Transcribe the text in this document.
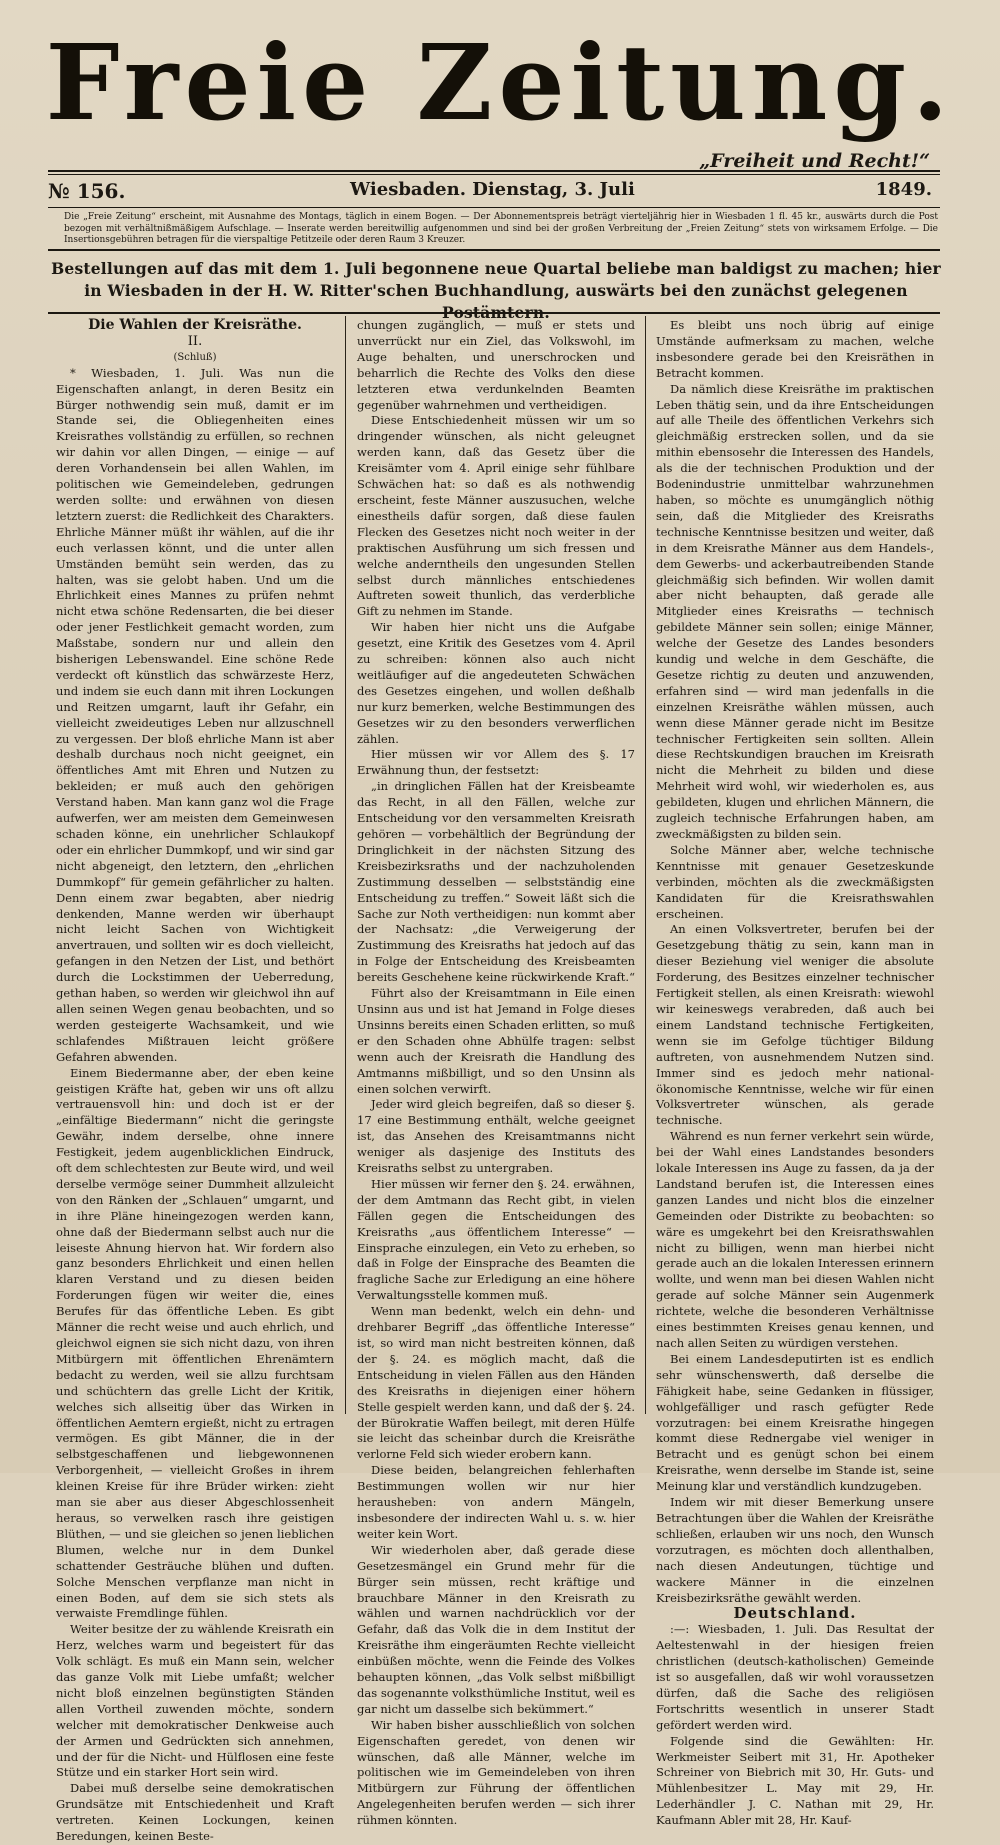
Freie Zeitung.
„Freiheit und Recht!“
№ 156.	Wiesbaden. Dienstag, 3. Juli	1849.
Die „Freie Zeitung“ erscheint, mit Ausnahme des Montags, täglich in einem Bogen. — Der Abonnementspreis beträgt vierteljährig hier in Wiesbaden 1 fl. 45 kr., auswärts durch die Post bezogen mit verhältnißmäßigem Aufschlage. — Inserate werden bereitwillig aufgenommen und sind bei der großen Verbreitung der „Freien Zeitung“ stets von wirksamem Erfolge. — Die Insertionsgebühren betragen für die vierspaltige Petitzeile oder deren Raum 3 Kreuzer.
Bestellungen auf das mit dem 1. Juli begonnene neue Quartal beliebe man baldigst zu machen; hier in Wiesbaden in der H. W. Ritter'schen Buchhandlung, auswärts bei den zunächst gelegenen Postämtern.

Die Wahlen der Kreisräthe.

II.

(Schluß)

* Wiesbaden, 1. Juli. Was nun die Eigenschaften anlangt, in deren Besitz ein Bürger nothwendig sein muß, damit er im Stande sei, die Obliegenheiten eines Kreisrathes vollständig zu erfüllen, so rechnen wir dahin vor allen Dingen, — einige — auf deren Vorhandensein bei allen Wahlen, im politischen wie Gemeindeleben, gedrungen werden sollte: und erwähnen von diesen letztern zuerst: die Redlichkeit des Charakters. Ehrliche Männer müßt ihr wählen, auf die ihr euch verlassen könnt, und die unter allen Umständen bemüht sein werden, das zu halten, was sie gelobt haben. Und um die Ehrlichkeit eines Mannes zu prüfen nehmt nicht etwa schöne Redensarten, die bei dieser oder jener Festlichkeit gemacht worden, zum Maßstabe, sondern nur und allein den bisherigen Lebenswandel. Eine schöne Rede verdeckt oft künstlich das schwärzeste Herz, und indem sie euch dann mit ihren Lockungen und Reitzen umgarnt, lauft ihr Gefahr, ein vielleicht zweideutiges Leben nur allzuschnell zu vergessen. Der bloß ehrliche Mann ist aber deshalb durchaus noch nicht geeignet, ein öffentliches Amt mit Ehren und Nutzen zu bekleiden; er muß auch den gehörigen Verstand haben. Man kann ganz wol die Frage aufwerfen, wer am meisten dem Gemeinwesen schaden könne, ein unehrlicher Schlaukopf oder ein ehrlicher Dummkopf, und wir sind gar nicht abgeneigt, den letztern, den „ehrlichen Dummkopf“ für gemein gefährlicher zu halten. Denn einem zwar begabten, aber niedrig denkenden, Manne werden wir überhaupt nicht leicht Sachen von Wichtigkeit anvertrauen, und sollten wir es doch vielleicht, gefangen in den Netzen der List, und bethört durch die Lockstimmen der Ueberredung, gethan haben, so werden wir gleichwol ihn auf allen seinen Wegen genau beobachten, und so werden gesteigerte Wachsamkeit, und wie schlafendes Mißtrauen leicht größere Gefahren abwenden.

Einem Biedermanne aber, der eben keine geistigen Kräfte hat, geben wir uns oft allzu vertrauensvoll hin: und doch ist er der „einfältige Biedermann“ nicht die geringste Gewähr, indem derselbe, ohne innere Festigkeit, jedem augenblicklichen Eindruck, oft dem schlechtesten zur Beute wird, und weil derselbe vermöge seiner Dummheit allzuleicht von den Ränken der „Schlauen“ umgarnt, und in ihre Pläne hineingezogen werden kann, ohne daß der Biedermann selbst auch nur die leiseste Ahnung hiervon hat. Wir fordern also ganz besonders Ehrlichkeit und einen hellen klaren Verstand und zu diesen beiden Forderungen fügen wir weiter die, eines Berufes für das öffentliche Leben. Es gibt Männer die recht weise und auch ehrlich, und gleichwol eignen sie sich nicht dazu, von ihren Mitbürgern mit öffentlichen Ehrenämtern bedacht zu werden, weil sie allzu furchtsam und schüchtern das grelle Licht der Kritik, welches sich allseitig über das Wirken in öffentlichen Aemtern ergießt, nicht zu ertragen vermögen. Es gibt Männer, die in der selbstgeschaffenen und liebgewonnenen Verborgenheit, — vielleicht Großes in ihrem kleinen Kreise für ihre Brüder wirken: zieht man sie aber aus dieser Abgeschlossenheit heraus, so verwelken rasch ihre geistigen Blüthen, — und sie gleichen so jenen lieblichen Blumen, welche nur in dem Dunkel schattender Gesträuche blühen und duften. Solche Menschen verpflanze man nicht in einen Boden, auf dem sie sich stets als verwaiste Fremdlinge fühlen.

Weiter besitze der zu wählende Kreisrath ein Herz, welches warm und begeistert für das Volk schlägt. Es muß ein Mann sein, welcher das ganze Volk mit Liebe umfaßt; welcher nicht bloß einzelnen begünstigten Ständen allen Vortheil zuwenden möchte, sondern welcher mit demokratischer Denkweise auch der Armen und Gedrückten sich annehmen, und der für die Nicht- und Hülflosen eine feste Stütze und ein starker Hort sein wird.

Dabei muß derselbe seine demokratischen Grundsätze mit Entschiedenheit und Kraft vertreten. Keinen Lockungen, keinen Beredungen, keinen Beste-

chungen zugänglich, — muß er stets und unverrückt nur ein Ziel, das Volkswohl, im Auge behalten, und unerschrocken und beharrlich die Rechte des Volks den diese letzteren etwa verdunkelnden Beamten gegenüber wahrnehmen und vertheidigen.

Diese Entschiedenheit müssen wir um so dringender wünschen, als nicht geleugnet werden kann, daß das Gesetz über die Kreisämter vom 4. April einige sehr fühlbare Schwächen hat: so daß es als nothwendig erscheint, feste Männer auszusuchen, welche einestheils dafür sorgen, daß diese faulen Flecken des Gesetzes nicht noch weiter in der praktischen Ausführung um sich fressen und welche anderntheils den ungesunden Stellen selbst durch männliches entschiedenes Auftreten soweit thunlich, das verderbliche Gift zu nehmen im Stande.

Wir haben hier nicht uns die Aufgabe gesetzt, eine Kritik des Gesetzes vom 4. April zu schreiben: können also auch nicht weitläufiger auf die angedeuteten Schwächen des Gesetzes eingehen, und wollen deßhalb nur kurz bemerken, welche Bestimmungen des Gesetzes wir zu den besonders verwerflichen zählen.

Hier müssen wir vor Allem des §. 17 Erwähnung thun, der festsetzt:

„in dringlichen Fällen hat der Kreisbeamte das Recht, in all den Fällen, welche zur Entscheidung vor den versammelten Kreisrath gehören — vorbehältlich der Begründung der Dringlichkeit in der nächsten Sitzung des Kreisbezirksraths und der nachzuholenden Zustimmung desselben — selbstständig eine Entscheidung zu treffen.“ Soweit läßt sich die Sache zur Noth vertheidigen: nun kommt aber der Nachsatz: „die Verweigerung der Zustimmung des Kreisraths hat jedoch auf das in Folge der Entscheidung des Kreisbeamten bereits Geschehene keine rückwirkende Kraft.“

Führt also der Kreisamtmann in Eile einen Unsinn aus und ist hat Jemand in Folge dieses Unsinns bereits einen Schaden erlitten, so muß er den Schaden ohne Abhülfe tragen: selbst wenn auch der Kreisrath die Handlung des Amtmanns mißbilligt, und so den Unsinn als einen solchen verwirft.

Jeder wird gleich begreifen, daß so dieser §. 17 eine Bestimmung enthält, welche geeignet ist, das Ansehen des Kreisamtmanns nicht weniger als dasjenige des Instituts des Kreisraths selbst zu untergraben.

Hier müssen wir ferner den §. 24. erwähnen, der dem Amtmann das Recht gibt, in vielen Fällen gegen die Entscheidungen des Kreisraths „aus öffentlichem Interesse“ — Einsprache einzulegen, ein Veto zu erheben, so daß in Folge der Einsprache des Beamten die fragliche Sache zur Erledigung an eine höhere Verwaltungsstelle kommen muß.

Wenn man bedenkt, welch ein dehn- und drehbarer Begriff „das öffentliche Interesse“ ist, so wird man nicht bestreiten können, daß der §. 24. es möglich macht, daß die Entscheidung in vielen Fällen aus den Händen des Kreisraths in diejenigen einer höhern Stelle gespielt werden kann, und daß der §. 24. der Bürokratie Waffen beilegt, mit deren Hülfe sie leicht das scheinbar durch die Kreisräthe verlorne Feld sich wieder erobern kann.

Diese beiden, belangreichen fehlerhaften Bestimmungen wollen wir nur hier herausheben: von andern Mängeln, insbesondere der indirecten Wahl u. s. w. hier weiter kein Wort.

Wir wiederholen aber, daß gerade diese Gesetzesmängel ein Grund mehr für die Bürger sein müssen, recht kräftige und brauchbare Männer in den Kreisrath zu wählen und warnen nachdrücklich vor der Gefahr, daß das Volk die in dem Institut der Kreisräthe ihm eingeräumten Rechte vielleicht einbüßen möchte, wenn die Feinde des Volkes behaupten können, „das Volk selbst mißbilligt das sogenannte volksthümliche Institut, weil es gar nicht um dasselbe sich bekümmert.“

Wir haben bisher ausschließlich von solchen Eigenschaften geredet, von denen wir wünschen, daß alle Männer, welche im politischen wie im Gemeindeleben von ihren Mitbürgern zur Führung der öffentlichen Angelegenheiten berufen werden — sich ihrer rühmen könnten.

Es bleibt uns noch übrig auf einige Umstände aufmerksam zu machen, welche insbesondere gerade bei den Kreisräthen in Betracht kommen.

Da nämlich diese Kreisräthe im praktischen Leben thätig sein, und da ihre Entscheidungen auf alle Theile des öffentlichen Verkehrs sich gleichmäßig erstrecken sollen, und da sie mithin ebensosehr die Interessen des Handels, als die der technischen Produktion und der Bodenindustrie unmittelbar wahrzunehmen haben, so möchte es unumgänglich nöthig sein, daß die Mitglieder des Kreisraths technische Kenntnisse besitzen und weiter, daß in dem Kreisrathe Männer aus dem Handels-, dem Gewerbs- und ackerbautreibenden Stande gleichmäßig sich befinden. Wir wollen damit aber nicht behaupten, daß gerade alle Mitglieder eines Kreisraths — technisch gebildete Männer sein sollen; einige Männer, welche der Gesetze des Landes besonders kundig und welche in dem Geschäfte, die Gesetze richtig zu deuten und anzuwenden, erfahren sind — wird man jedenfalls in die einzelnen Kreisräthe wählen müssen, auch wenn diese Männer gerade nicht im Besitze technischer Fertigkeiten sein sollten. Allein diese Rechtskundigen brauchen im Kreisrath nicht die Mehrheit zu bilden und diese Mehrheit wird wohl, wir wiederholen es, aus gebildeten, klugen und ehrlichen Männern, die zugleich technische Erfahrungen haben, am zweckmäßigsten zu bilden sein.

Solche Männer aber, welche technische Kenntnisse mit genauer Gesetzeskunde verbinden, möchten als die zweckmäßigsten Kandidaten für die Kreisrathswahlen erscheinen.

An einen Volksvertreter, berufen bei der Gesetzgebung thätig zu sein, kann man in dieser Beziehung viel weniger die absolute Forderung, des Besitzes einzelner technischer Fertigkeit stellen, als einen Kreisrath: wiewohl wir keineswegs verabreden, daß auch bei einem Landstand technische Fertigkeiten, wenn sie im Gefolge tüchtiger Bildung auftreten, von ausnehmendem Nutzen sind. Immer sind es jedoch mehr national-ökonomische Kenntnisse, welche wir für einen Volksvertreter wünschen, als gerade technische.

Während es nun ferner verkehrt sein würde, bei der Wahl eines Landstandes besonders lokale Interessen ins Auge zu fassen, da ja der Landstand berufen ist, die Interessen eines ganzen Landes und nicht blos die einzelner Gemeinden oder Distrikte zu beobachten: so wäre es umgekehrt bei den Kreisrathswahlen nicht zu billigen, wenn man hierbei nicht gerade auch an die lokalen Interessen erinnern wollte, und wenn man bei diesen Wahlen nicht gerade auf solche Männer sein Augenmerk richtete, welche die besonderen Verhältnisse eines bestimmten Kreises genau kennen, und nach allen Seiten zu würdigen verstehen.

Bei einem Landesdeputirten ist es endlich sehr wünschenswerth, daß derselbe die Fähigkeit habe, seine Gedanken in flüssiger, wohlgefälliger und rasch gefügter Rede vorzutragen: bei einem Kreisrathe hingegen kommt diese Rednergabe viel weniger in Betracht und es genügt schon bei einem Kreisrathe, wenn derselbe im Stande ist, seine Meinung klar und verständlich kundzugeben.

Indem wir mit dieser Bemerkung unsere Betrachtungen über die Wahlen der Kreisräthe schließen, erlauben wir uns noch, den Wunsch vorzutragen, es möchten doch allenthalben, nach diesen Andeutungen, tüchtige und wackere Männer in die einzelnen Kreisbezirksräthe gewählt werden.

Deutschland.

:—: Wiesbaden, 1. Juli. Das Resultat der Aeltestenwahl in der hiesigen freien christlichen (deutsch-katholischen) Gemeinde ist so ausgefallen, daß wir wohl voraussetzen dürfen, daß die Sache des religiösen Fortschritts wesentlich in unserer Stadt gefördert werden wird.

Folgende sind die Gewählten: Hr. Werkmeister Seibert mit 31, Hr. Apotheker Schreiner von Biebrich mit 30, Hr. Guts- und Mühlenbesitzer L. May mit 29, Hr. Lederhändler J. C. Nathan mit 29, Hr. Kaufmann Abler mit 28, Hr. Kauf-
